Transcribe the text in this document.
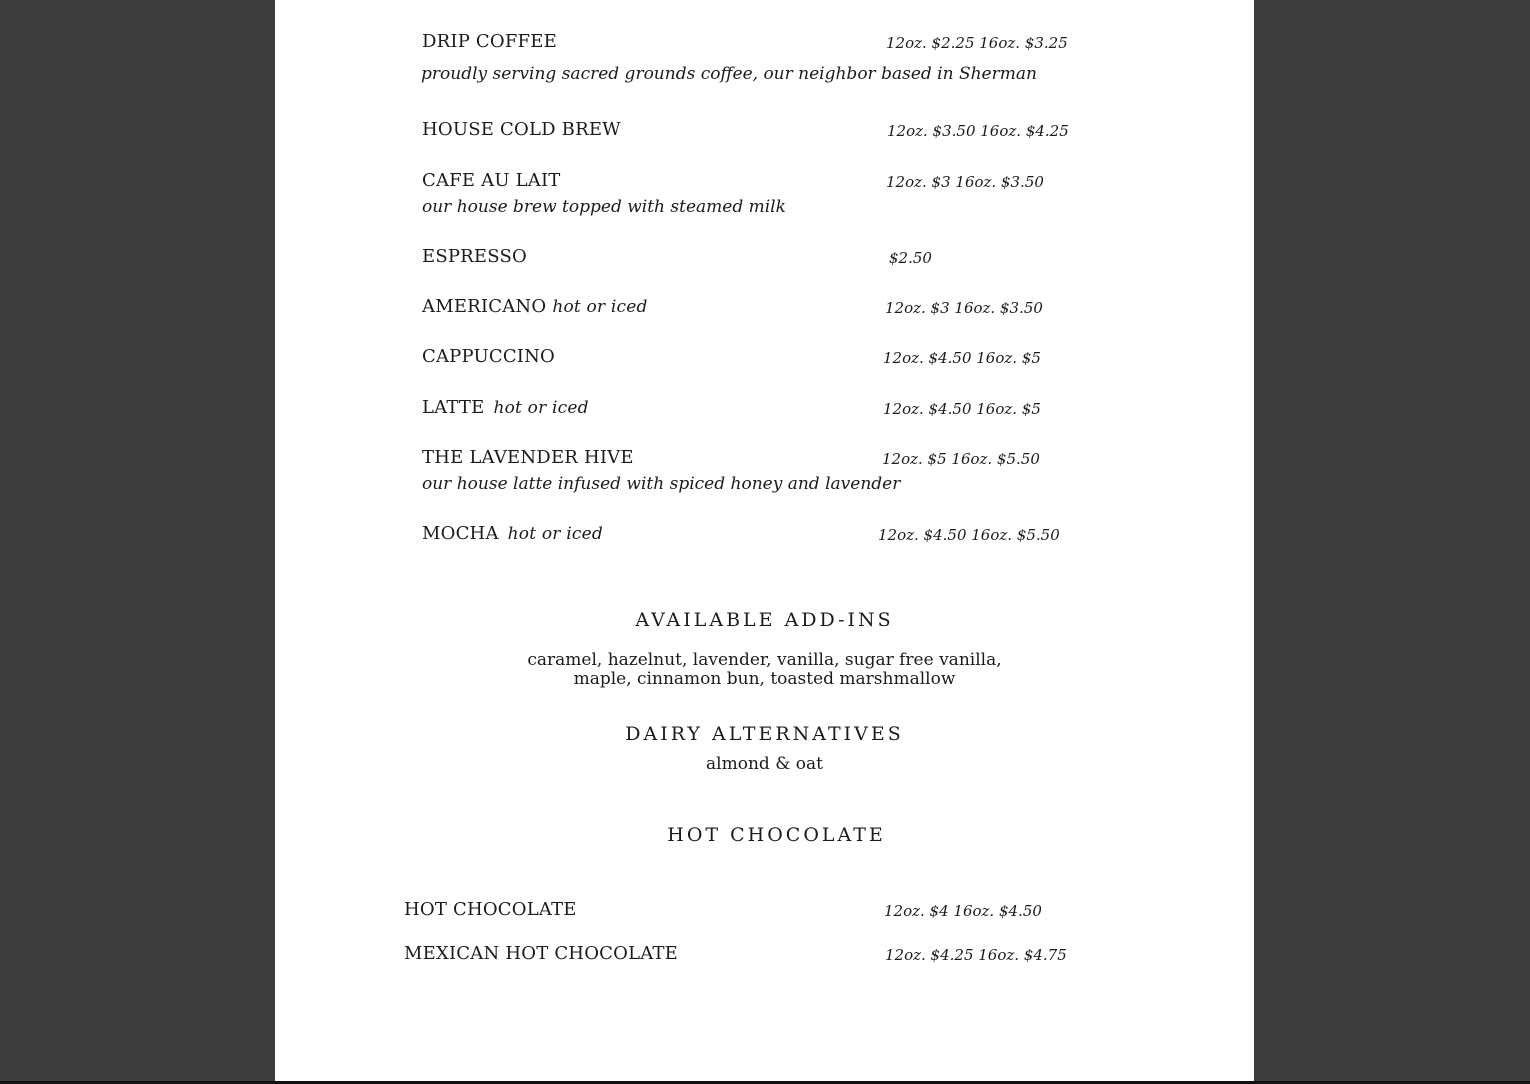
DRIP COFFEE	12oz. $2.25 16oz. $3.25
proudly serving sacred grounds coffee, our neighbor based in Sherman
HOUSE COLD BREW	12oz. $3.50 16oz. $4.25
CAFE AU LAIT	12oz. $3 16oz. $3.50
our house brew topped with steamed milk
ESPRESSO	$2.50
AMERICANO hot or iced	12oz. $3 16oz. $3.50
CAPPUCCINO	12oz. $4.50 16oz. $5
LATTE hot or iced	12oz. $4.50 16oz. $5
THE LAVENDER HIVE	12oz. $5 16oz. $5.50
our house latte infused with spiced honey and lavender
MOCHA hot or iced	12oz. $4.50 16oz. $5.50
AVAILABLE ADD-INS
caramel, hazelnut, lavender, vanilla, sugar free vanilla,
maple, cinnamon bun, toasted marshmallow
DAIRY ALTERNATIVES
almond & oat
HOT CHOCOLATE
HOT CHOCOLATE	12oz. $4 16oz. $4.50
MEXICAN HOT CHOCOLATE	12oz. $4.25 16oz. $4.75
